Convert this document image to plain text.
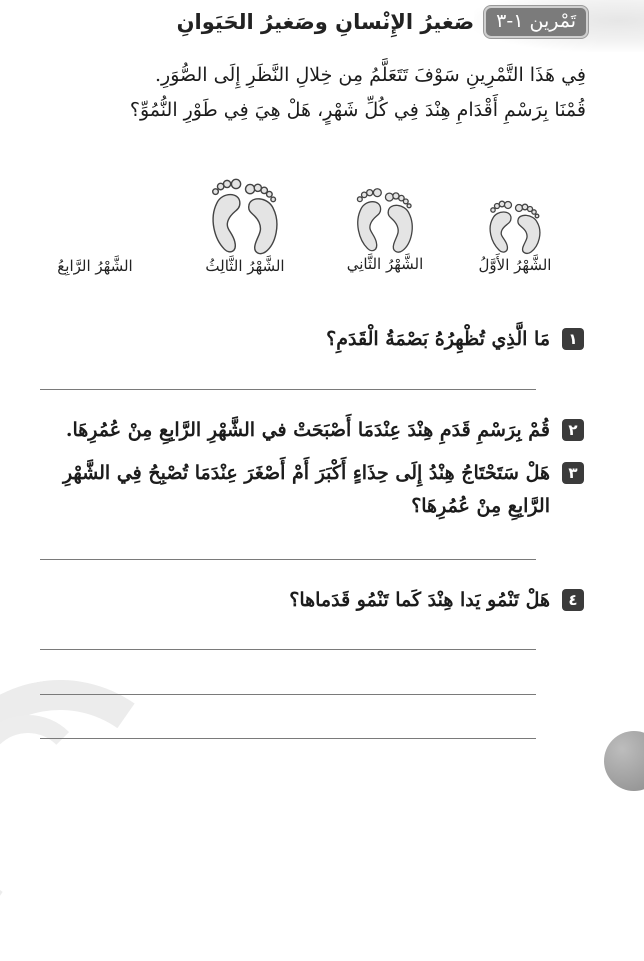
تَمْرين ١-٣
صَغيرُ الإِنْسانِ وصَغيرُ الحَيَوانِ
فِي هَذَا التَّمْرِينِ سَوْفَ تَتَعَلَّمُ مِن خِلالِ النَّظَرِ إِلَى الصُّوَرِ.
قُمْنَا بِرَسْمِ أَقْدَامِ هِنْدَ فِي كُلِّ شَهْرٍ، هَلْ هِيَ فِي طَوْرِ النُّمُوِّ؟
الشَّهْرُ الأَوَّلُ
الشَّهْرُ الثَّانِي
الشَّهْرُ الثَّالِثُ
الشَّهْرُ الرَّابِعُ
١
مَا الَّذِي تُظْهِرُهُ بَصْمَةُ الْقَدَمِ؟
٢
قُمْ بِرَسْمِ قَدَمِ هِنْدَ عِنْدَمَا أَصْبَحَتْ في الشَّهْرِ الرَّابِعِ مِنْ عُمُرِهَا.
٣
هَلْ سَتَحْتَاجُ هِنْدُ إِلَى حِذَاءٍ أَكْبَرَ أَمْ أَصْغَرَ عِنْدَمَا تُصْبِحُ فِي الشَّهْرِ الرَّابِعِ مِنْ عُمُرِهَا؟
٤
هَلْ تَنْمُو يَدا هِنْدَ كَما تَنْمُو قَدَماها؟
